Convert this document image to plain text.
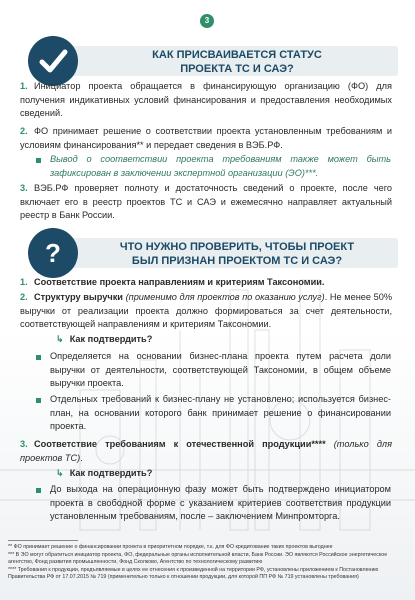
3
КАК ПРИСВАИВАЕТСЯ СТАТУС
ПРОЕКТА ТС И САЭ?
1. Инициатор проекта обращается в финансирующую организацию (ФО) для получения индикативных условий финансирования и предоставления необходимых сведений.
2. ФО принимает решение о соответствии проекта установленным требованиям и условиям финансирования** и передает сведения в ВЭБ.РФ.
Вывод о соответствии проекта требованиям также может быть зафиксирован в заключении экспертной организации (ЭО)***.
3. ВЭБ.РФ проверяет полноту и достаточность сведений о проекте, после чего включает его в реестр проектов ТС и САЭ и ежемесячно направляет актуальный реестр в Банк России.
?	ЧТО НУЖНО ПРОВЕРИТЬ, ЧТОБЫ ПРОЕКТ
БЫЛ ПРИЗНАН ПРОЕКТОМ ТС И САЭ?
1. Соответствие проекта направлениям и критериям Таксономии.
2. Структуру выручки (применимо для проектов по оказанию услуг). Не менее 50% выручки от реализации проекта должно формироваться за счет деятельности, соответствующей направлениям и критериям Таксономии.
↳ Как подтвердить?
Определяется на основании бизнес-плана проекта путем расчета доли выручки от деятельности, соответствующей Таксономии, в общем объеме выручки проекта.
Отдельных требований к бизнес-плану не установлено; используется бизнес-план, на основании которого банк принимает решение о финансировании проекта.
3. Соответствие требованиям к отечественной продукции**** (только для проектов ТС).
↳ Как подтвердить?
До выхода на операционную фазу может быть подтверждено инициатором проекта в свободной форме с указанием критериев соответствия продукции установленным требованиям, после – заключением Минпромторга.
** ФО принимает решение о финансировании проекта в приоритетном порядке, т.к. для ФО кредитование таких проектов выгоднее
*** В ЭО могут обратиться инициатор проекта, ФО, федеральные органы исполнительной власти, Банк России. ЭО являются Российское энергетическое агентство, Фонд развития промышленности, Фонд Сколково, Агентство по технологическому развитию
**** Требования к продукции, предъявляемые в целях ее отнесения к произведенной на территории РФ, установлены приложением к Постановлению Правительства РФ от 17.07.2015 № 719 (применительно только к отношении продукции, для которой ПП РФ № 719 установлены требования)
